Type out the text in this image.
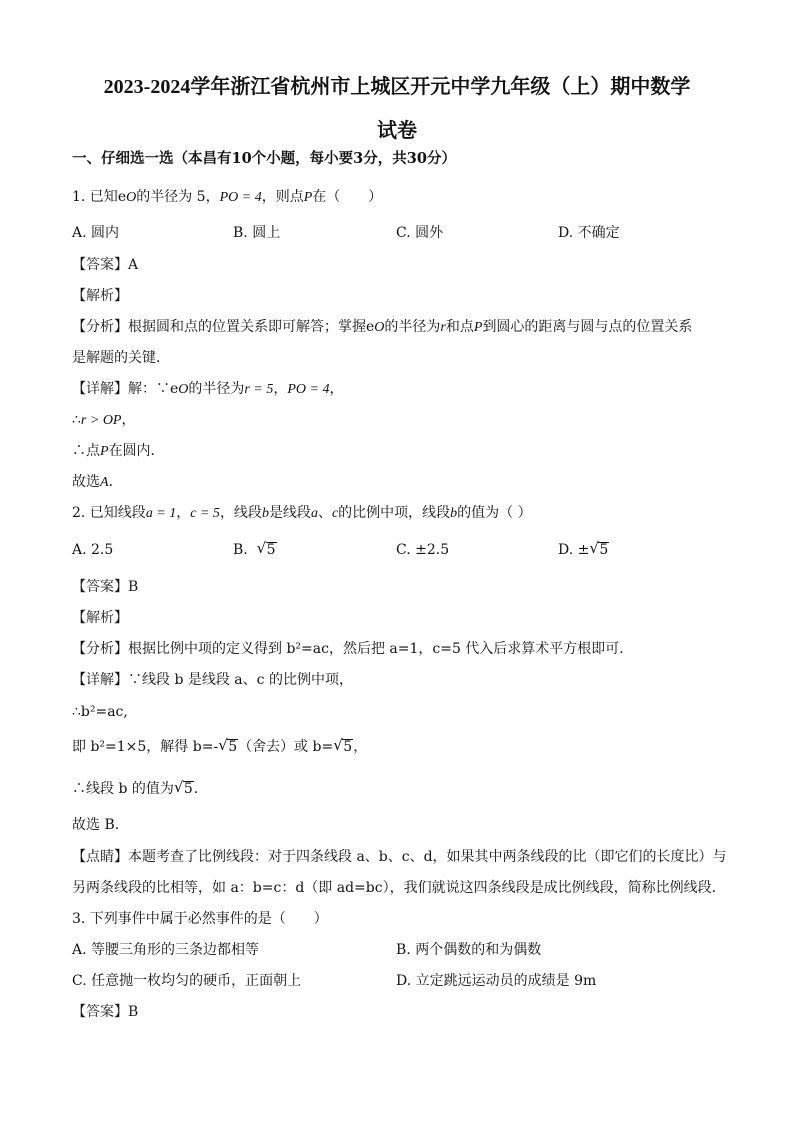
2023-2024学年浙江省杭州市上城区开元中学九年级（上）期中数学
试卷
一、仔细选一选（本昌有10个小题，每小要3分，共30分）
1. 已知eO的半径为 5，PO = 4，则点P在（　　）
A. 圆内	B. 圆上	C. 圆外	D. 不确定
【答案】A
【解析】
【分析】根据圆和点的位置关系即可解答；掌握eO的半径为r和点P到圆心的距离与圆与点的位置关系
是解题的关键．
【详解】解：∵eO的半径为r = 5，PO = 4，
∴r > OP，
∴点P在圆内．
故选A．
2. 已知线段a = 1，c = 5，线段b是线段a、c的比例中项，线段b的值为（ ）
A. 2.5	B. √ 5	C. ±2.5	D. ± √ 5
【答案】B
【解析】
【分析】根据比例中项的定义得到 b²=ac，然后把 a=1，c=5 代入后求算术平方根即可．
【详解】∵线段 b 是线段 a、c 的比例中项，
∴b²=ac,
即 b²=1×5，解得 b=- √ 5（舍去）或 b= √ 5，
∴线段 b 的值为 √ 5．
故选 B．
【点睛】本题考查了比例线段：对于四条线段 a、b、c、d，如果其中两条线段的比（即它们的长度比）与
另两条线段的比相等，如 a：b=c：d（即 ad=bc），我们就说这四条线段是成比例线段，简称比例线段．
3. 下列事件中属于必然事件的是（　　）
A. 等腰三角形的三条边都相等	B. 两个偶数的和为偶数
C. 任意抛一枚均匀的硬币，正面朝上	D. 立定跳远运动员的成绩是 9m
【答案】B
